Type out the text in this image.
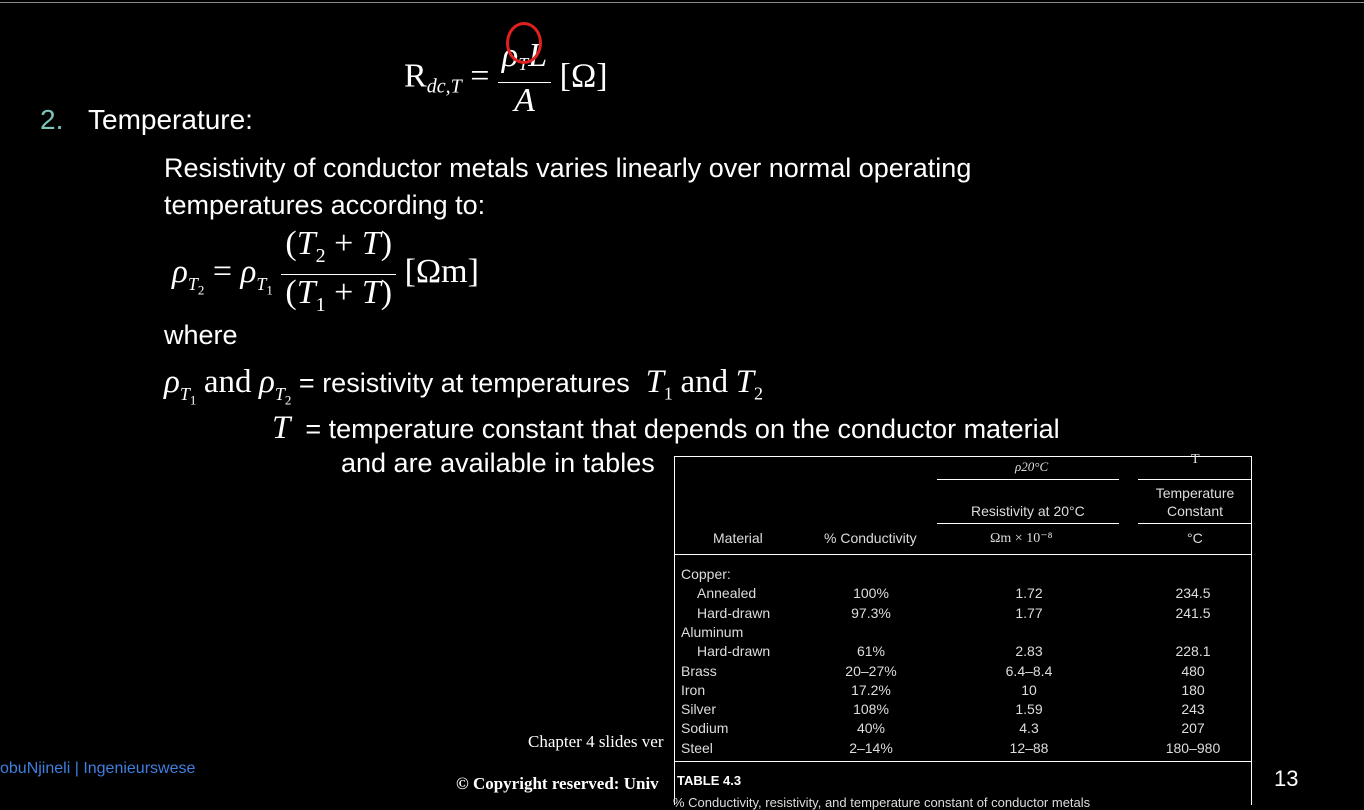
$R_{dc,T} = \frac{\rho_TL}{A} [\Omega]$
2. Temperature:
Resistivity of conductor metals varies linearly over normal operating temperatures according to:
$\rho_{T_2} = \rho_{T_1} \frac{(T_2 + T)}{(T_1 + T)} [\Omega m]$
where
$\rho_{T_1}$ and $\rho_{T_2}$ = resistivity at temperatures $T_1$ and $T_2$
T = temperature constant that depends on the conductor material
and are available in tables
Chapter 4 slides ver
© Copyright reserved: Univ
obuNjineli | Ingenieurswese	13
ρ20°C	T
Temperature Constant
Resistivity at 20°C
Material	% Conductivity	Ωm × 10⁻⁸	°C
Copper:
Annealed	100%	1.72	234.5
Hard-drawn	97.3%	1.77	241.5
Aluminum
Hard-drawn	61%	2.83	228.1
Brass	20–27%	6.4–8.4	480
Iron	17.2%	10	180
Silver	108%	1.59	243
Sodium	40%	4.3	207
Steel	2–14%	12–88	180–980
TABLE 4.3
% Conductivity, resistivity, and temperature constant of conductor metals
